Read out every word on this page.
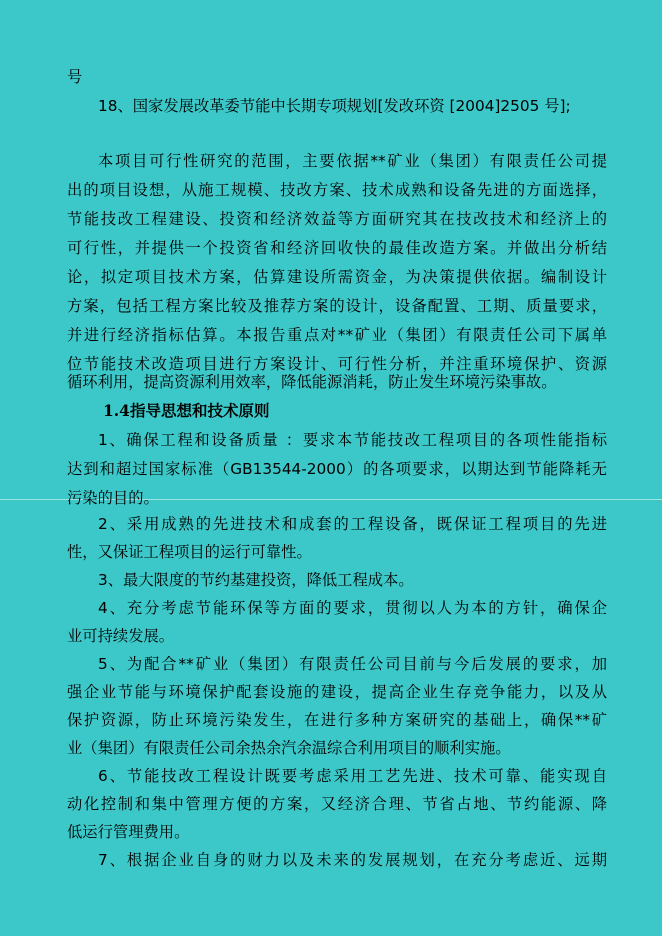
号
18、国家发展改革委节能中长期专项规划[发改环资 [2004]2505 号];
本项目可行性研究的范围，主要依据**矿业（集团）有限责任公司提
出的项目设想，从施工规模、技改方案、技术成熟和设备先进的方面选择，
节能技改工程建设、投资和经济效益等方面研究其在技改技术和经济上的
可行性，并提供一个投资省和经济回收快的最佳改造方案。并做出分析结
论，拟定项目技术方案，估算建设所需资金，为决策提供依据。编制设计
方案，包括工程方案比较及推荐方案的设计，设备配置、工期、质量要求，
并进行经济指标估算。本报告重点对**矿业（集团）有限责任公司下属单
位节能技术改造项目进行方案设计、可行性分析，并注重环境保护、资源
循环利用，提高资源利用效率，降低能源消耗，防止发生环境污染事故。
1.4指导思想和技术原则
1、确保工程和设备质量 ：要求本节能技改工程项目的各项性能指标
达到和超过国家标准（GB13544-2000）的各项要求，以期达到节能降耗无
污染的目的。
2、采用成熟的先进技术和成套的工程设备，既保证工程项目的先进
性，又保证工程项目的运行可靠性。
3、最大限度的节约基建投资，降低工程成本。
4、充分考虑节能环保等方面的要求，贯彻以人为本的方针，确保企
业可持续发展。
5、为配合**矿业（集团）有限责任公司目前与今后发展的要求，加
强企业节能与环境保护配套设施的建设，提高企业生存竞争能力，以及从
保护资源，防止环境污染发生，在进行多种方案研究的基础上，确保**矿
业（集团）有限责任公司余热余汽余温综合利用项目的顺利实施。
6、节能技改工程设计既要考虑采用工艺先进、技术可靠、能实现自
动化控制和集中管理方便的方案，又经济合理、节省占地、节约能源、降
低运行管理费用。
7、根据企业自身的财力以及未来的发展规划，在充分考虑近、远期
